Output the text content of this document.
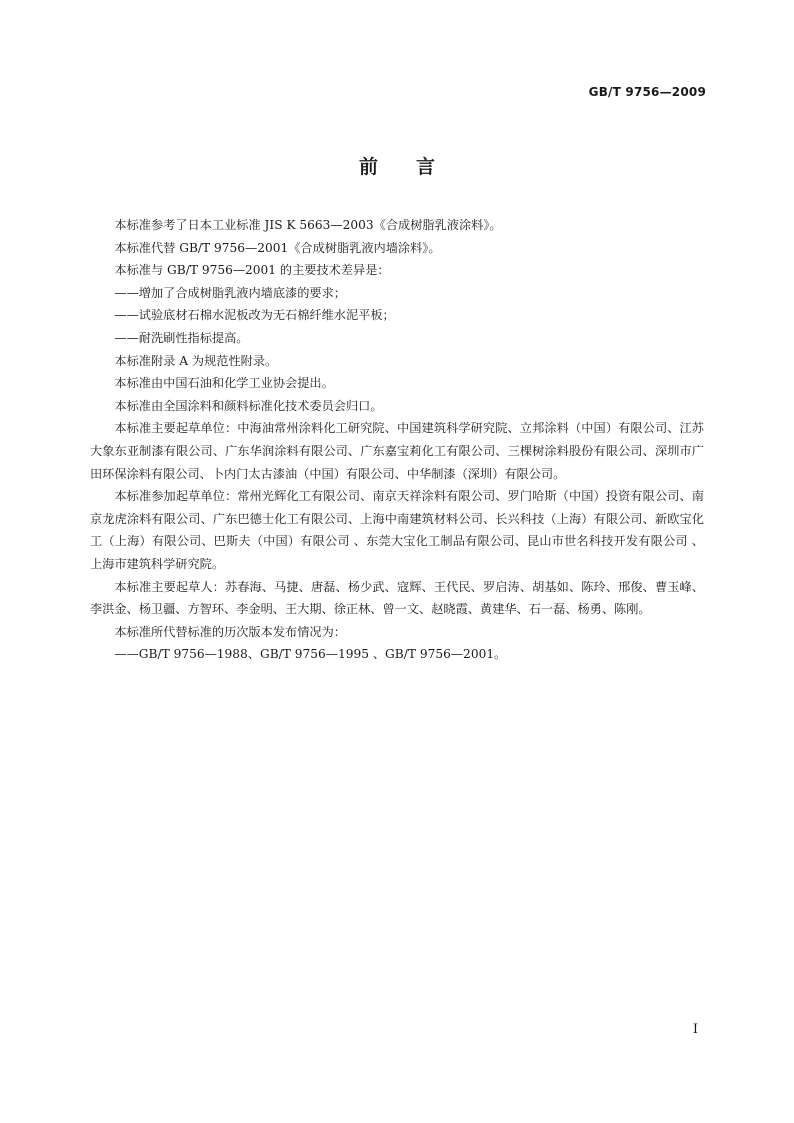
GB/T 9756—2009
前 言

本标准参考了日本工业标准 JIS K 5663—2003《合成树脂乳液涂料》。

本标准代替 GB/T 9756—2001《合成树脂乳液内墙涂料》。

本标准与 GB/T 9756—2001 的主要技术差异是：

——增加了合成树脂乳液内墙底漆的要求；

——试验底材石棉水泥板改为无石棉纤维水泥平板；

——耐洗刷性指标提高。

本标准附录 A 为规范性附录。

本标准由中国石油和化学工业协会提出。

本标准由全国涂料和颜料标准化技术委员会归口。

本标准主要起草单位：中海油常州涂料化工研究院、中国建筑科学研究院、立邦涂料（中国）有限公司、江苏大象东亚制漆有限公司、广东华润涂料有限公司、广东嘉宝莉化工有限公司、三棵树涂料股份有限公司、深圳市广田环保涂料有限公司、卜内门太古漆油（中国）有限公司、中华制漆（深圳）有限公司。

本标准参加起草单位：常州光辉化工有限公司、南京天祥涂料有限公司、罗门哈斯（中国）投资有限公司、南京龙虎涂料有限公司、广东巴德士化工有限公司、上海中南建筑材料公司、长兴科技（上海）有限公司、新欧宝化工（上海）有限公司、巴斯夫（中国）有限公司 、东莞大宝化工制品有限公司、昆山市世名科技开发有限公司 、上海市建筑科学研究院。

本标准主要起草人：苏春海、马捷、唐磊、杨少武、寇辉、王代民、罗启涛、胡基如、陈玲、邢俊、曹玉峰、李洪金、杨卫疆、方智环、李金明、王大期、徐正林、曾一文、赵晓霞、黄建华、石一磊、杨勇、陈刚。

本标准所代替标准的历次版本发布情况为：

——GB/T 9756—1988、GB/T 9756—1995 、GB/T 9756—2001。

I
